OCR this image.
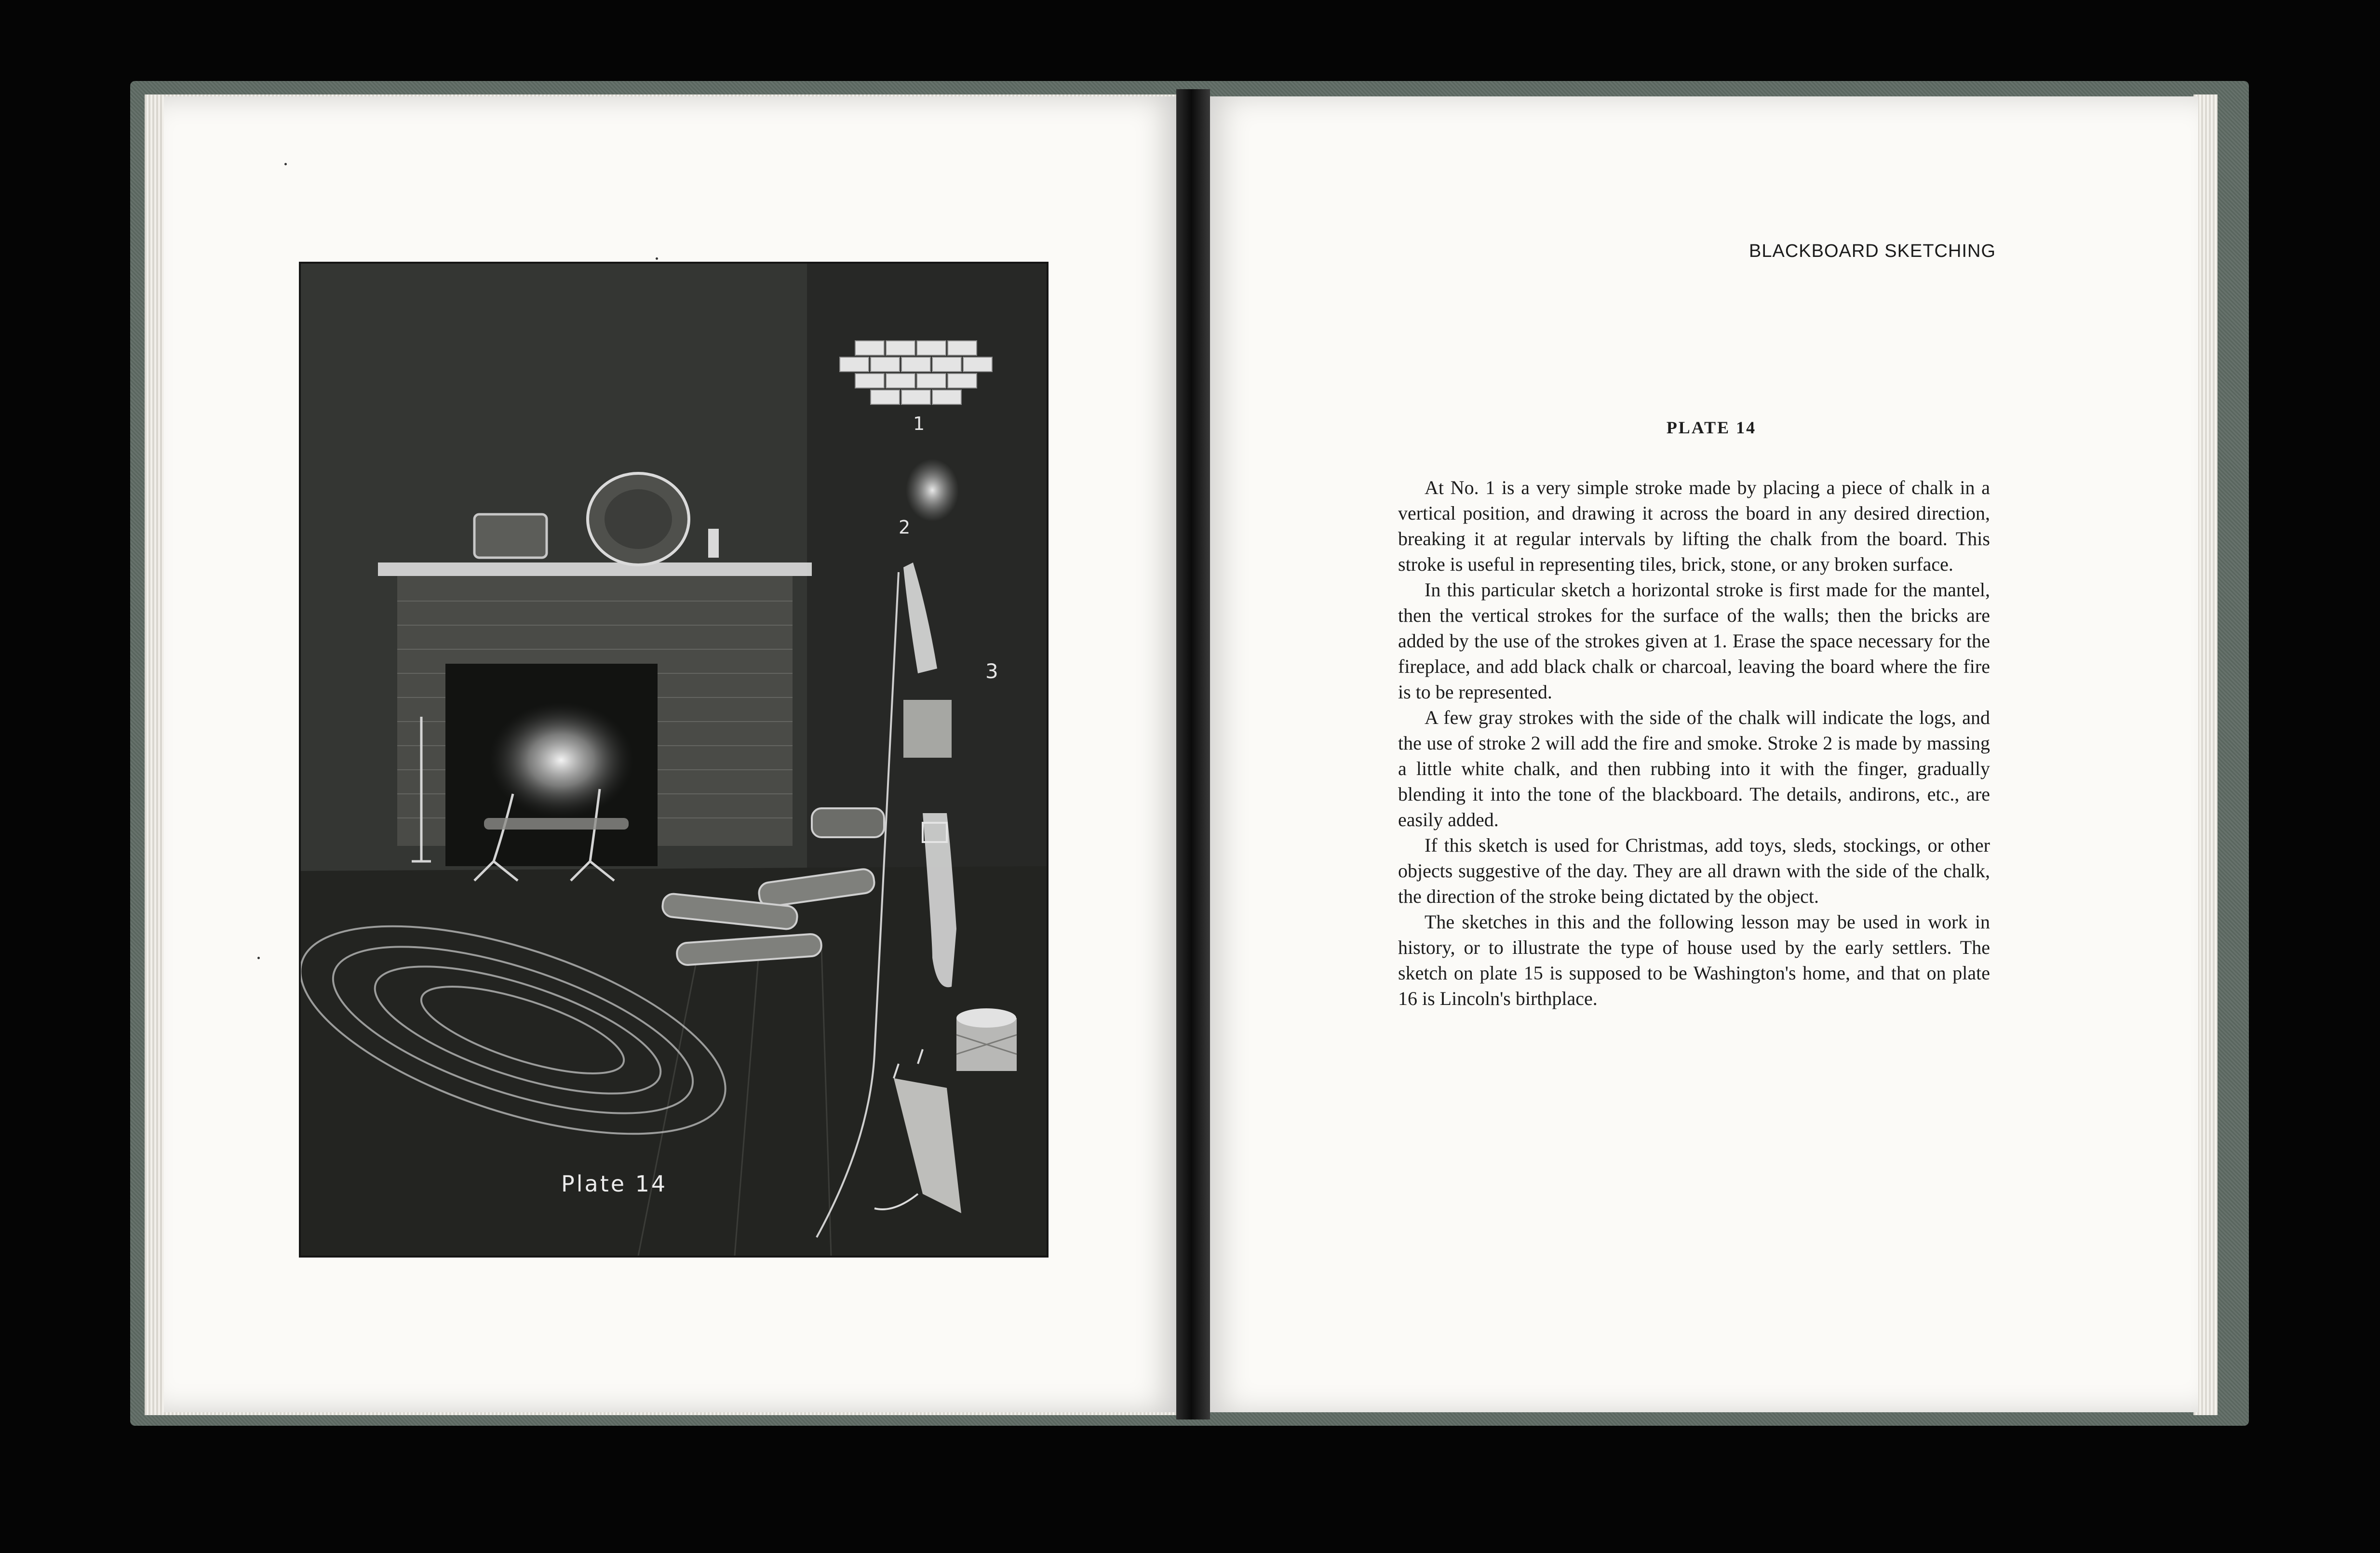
1
2
3
Plate 14
BLACKBOARD SKETCHING
PLATE 14

At No. 1 is a very simple stroke made by placing a piece of chalk in a vertical position, and drawing it across the board in any desired direction, breaking it at regular intervals by lifting the chalk from the board. This stroke is useful in representing tiles, brick, stone, or any broken surface.

In this particular sketch a horizontal stroke is first made for the mantel, then the vertical strokes for the surface of the walls; then the bricks are added by the use of the strokes given at 1. Erase the space necessary for the fireplace, and add black chalk or charcoal, leaving the board where the fire is to be represented.

A few gray strokes with the side of the chalk will indicate the logs, and the use of stroke 2 will add the fire and smoke. Stroke 2 is made by massing a little white chalk, and then rubbing into it with the finger, gradually blending it into the tone of the blackboard. The details, andirons, etc., are easily added.

If this sketch is used for Christmas, add toys, sleds, stockings, or other objects suggestive of the day. They are all drawn with the side of the chalk, the direction of the stroke being dictated by the object.

The sketches in this and the following lesson may be used in work in history, or to illustrate the type of house used by the early settlers. The sketch on plate 15 is supposed to be Washington's home, and that on plate 16 is Lincoln's birthplace.
